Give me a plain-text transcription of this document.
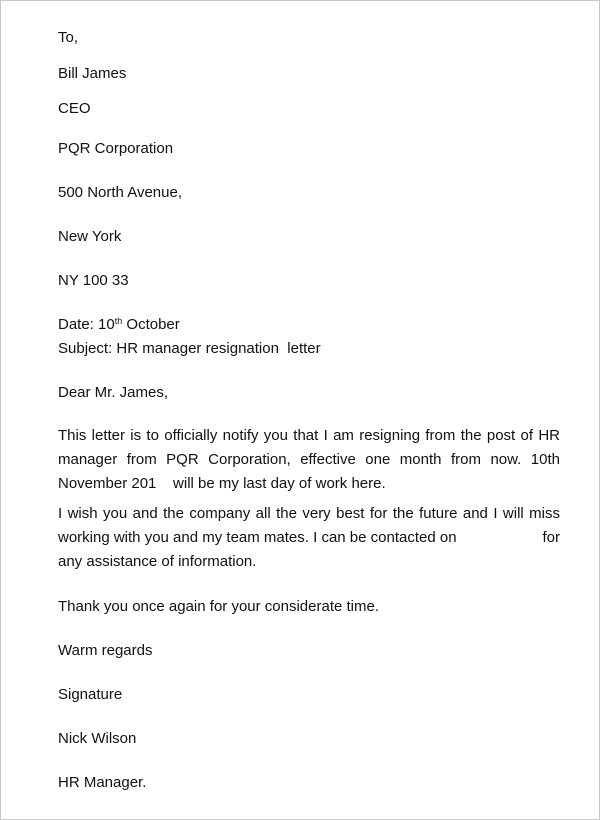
To,
Bill James
CEO
PQR Corporation
500 North Avenue,
New York
NY 100 33
Date: 10th October
Subject: HR manager resignation  letter
Dear Mr. James,
This letter is to officially notify you that I am resigning from the post of HR
manager from PQR Corporation, effective one month from now. 10th
November 201    will be my last day of work here.
I wish you and the company all the very best for the future and I will miss
working with you and my team mates. I can be contacted on	for
any assistance of information.
Thank you once again for your considerate time.
Warm regards
Signature
Nick Wilson
HR Manager.
